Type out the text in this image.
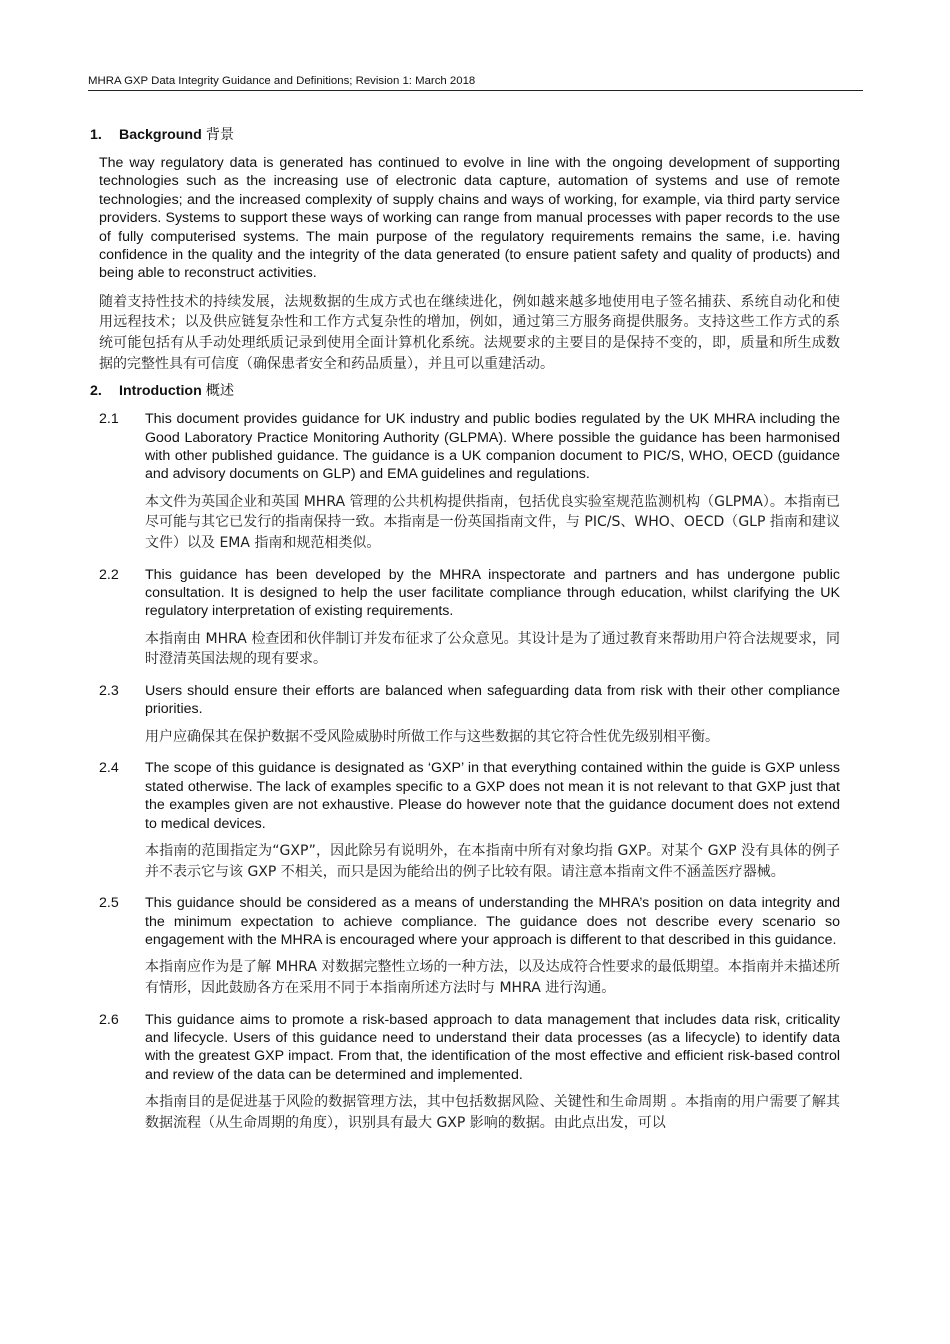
MHRA GXP Data Integrity Guidance and Definitions; Revision 1: March 2018
1. Background 背景

The way regulatory data is generated has continued to evolve in line with the ongoing development of supporting technologies such as the increasing use of electronic data capture, automation of systems and use of remote technologies; and the increased complexity of supply chains and ways of working, for example, via third party service providers. Systems to support these ways of working can range from manual processes with paper records to the use of fully computerised systems. The main purpose of the regulatory requirements remains the same, i.e. having confidence in the quality and the integrity of the data generated (to ensure patient safety and quality of products) and being able to reconstruct activities.

随着支持性技术的持续发展，法规数据的生成方式也在继续进化，例如越来越多地使用电子签名捕获、系统自动化和使用远程技术；以及供应链复杂性和工作方式复杂性的增加，例如，通过第三方服务商提供服务。支持这些工作方式的系统可能包括有从手动处理纸质记录到使用全面计算机化系统。法规要求的主要目的是保持不变的，即，质量和所生成数据的完整性具有可信度（确保患者安全和药品质量），并且可以重建活动。

2. Introduction 概述
2.1 This document provides guidance for UK industry and public bodies regulated by the UK MHRA including the Good Laboratory Practice Monitoring Authority (GLPMA). Where possible the guidance has been harmonised with other published guidance. The guidance is a UK companion document to PIC/S, WHO, OECD (guidance and advisory documents on GLP) and EMA guidelines and regulations.

本文件为英国企业和英国 MHRA 管理的公共机构提供指南，包括优良实验室规范监测机构（GLPMA）。本指南已尽可能与其它已发行的指南保持一致。本指南是一份英国指南文件，与 PIC/S、WHO、OECD（GLP 指南和建议文件）以及 EMA 指南和规范相类似。

2.2 This guidance has been developed by the MHRA inspectorate and partners and has undergone public consultation. It is designed to help the user facilitate compliance through education, whilst clarifying the UK regulatory interpretation of existing requirements.

本指南由 MHRA 检查团和伙伴制订并发布征求了公众意见。其设计是为了通过教育来帮助用户符合法规要求，同时澄清英国法规的现有要求。

2.3 Users should ensure their efforts are balanced when safeguarding data from risk with their other compliance priorities.

用户应确保其在保护数据不受风险威胁时所做工作与这些数据的其它符合性优先级别相平衡。

2.4 The scope of this guidance is designated as ‘GXP’ in that everything contained within the guide is GXP unless stated otherwise. The lack of examples specific to a GXP does not mean it is not relevant to that GXP just that the examples given are not exhaustive. Please do however note that the guidance document does not extend to medical devices.

本指南的范围指定为“GXP”，因此除另有说明外，在本指南中所有对象均指 GXP。对某个 GXP 没有具体的例子并不表示它与该 GXP 不相关，而只是因为能给出的例子比较有限。请注意本指南文件不涵盖医疗器械。

2.5 This guidance should be considered as a means of understanding the MHRA’s position on data integrity and the minimum expectation to achieve compliance. The guidance does not describe every scenario so engagement with the MHRA is encouraged where your approach is different to that described in this guidance.

本指南应作为是了解 MHRA 对数据完整性立场的一种方法，以及达成符合性要求的最低期望。本指南并未描述所有情形，因此鼓励各方在采用不同于本指南所述方法时与 MHRA 进行沟通。

2.6 This guidance aims to promote a risk-based approach to data management that includes data risk, criticality and lifecycle. Users of this guidance need to understand their data processes (as a lifecycle) to identify data with the greatest GXP impact. From that, the identification of the most effective and efficient risk-based control and review of the data can be determined and implemented.

本指南目的是促进基于风险的数据管理方法，其中包括数据风险、关键性和生命周期 。本指南的用户需要了解其数据流程（从生命周期的角度），识别具有最大 GXP 影响的数据。由此点出发，可以
